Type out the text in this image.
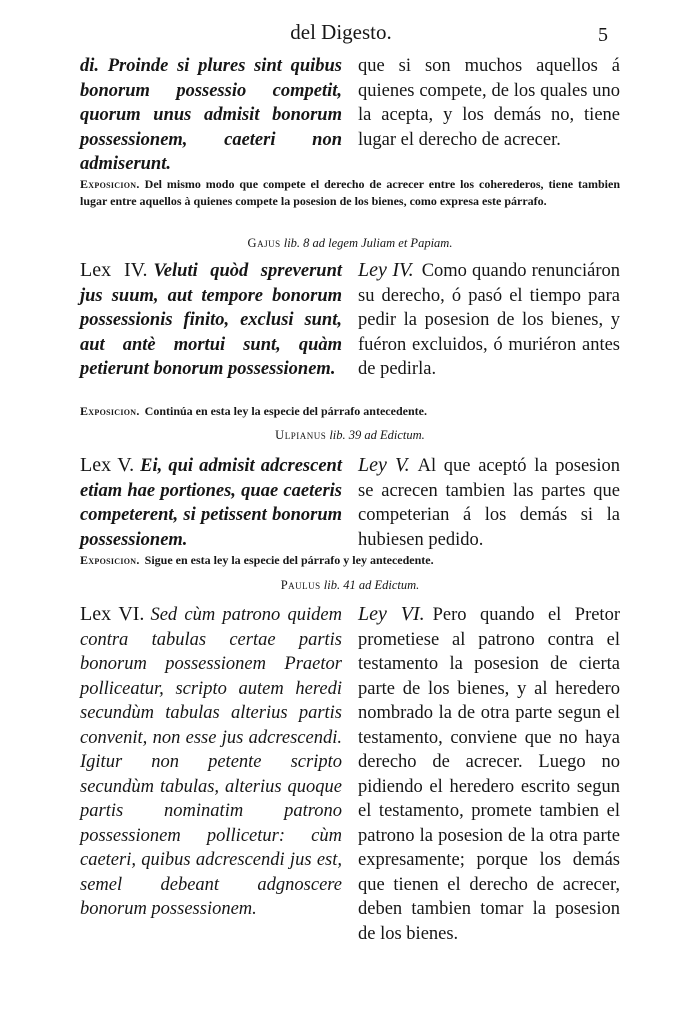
del Digesto.	5

di. Proinde si plures sint quibus bonorum possessio competit, quorum unus admisit bonorum possessionem, caeteri non admiserunt.

que si son muchos aquellos á quienes compete, de los quales uno la acepta, y los demás no, tiene lugar el derecho de acrecer.

Exposicion. Del mismo modo que compete el derecho de acrecer entre los coherederos, tiene tambien lugar entre aquellos à quienes compete la posesion de los bienes, como expresa este párrafo.

Gajus lib. 8 ad legem Juliam et Papiam.

Lex IV. Veluti quòd spreverunt jus suum, aut tempore bonorum possessionis finito, exclusi sunt, aut antè mortui sunt, quàm petierunt bonorum possessionem.

Ley IV. Como quando renunciáron su derecho, ó pasó el tiempo para pedir la posesion de los bienes, y fuéron excluidos, ó muriéron antes de pedirla.

Exposicion. Continúa en esta ley la especie del párrafo antecedente.

Ulpianus lib. 39 ad Edictum.

Lex V. Ei, qui admisit adcrescent etiam hae portiones, quae caeteris competerent, si petissent bonorum possessionem.

Ley V. Al que aceptó la posesion se acrecen tambien las partes que competerian á los demás si la hubiesen pedido.

Exposicion. Sigue en esta ley la especie del párrafo y ley antecedente.

Paulus lib. 41 ad Edictum.

Lex VI. Sed cùm patrono quidem contra tabulas certae partis bonorum possessionem Praetor polliceatur, scripto autem heredi secundùm tabulas alterius partis convenit, non esse jus adcrescendi. Igitur non petente scripto secundùm tabulas, alterius quoque partis nominatim patrono possessionem pollicetur: cùm caeteri, quibus adcrescendi jus est, semel debeant adgnoscere bonorum possessionem.

Ley VI. Pero quando el Pretor prometiese al patrono contra el testamento la posesion de cierta parte de los bienes, y al heredero nombrado la de otra parte segun el testamento, conviene que no haya derecho de acrecer. Luego no pidiendo el heredero escrito segun el testamento, promete tambien el patrono la posesion de la otra parte expresamente; porque los demás que tienen el derecho de acrecer, deben tambien tomar la posesion de los bienes.
